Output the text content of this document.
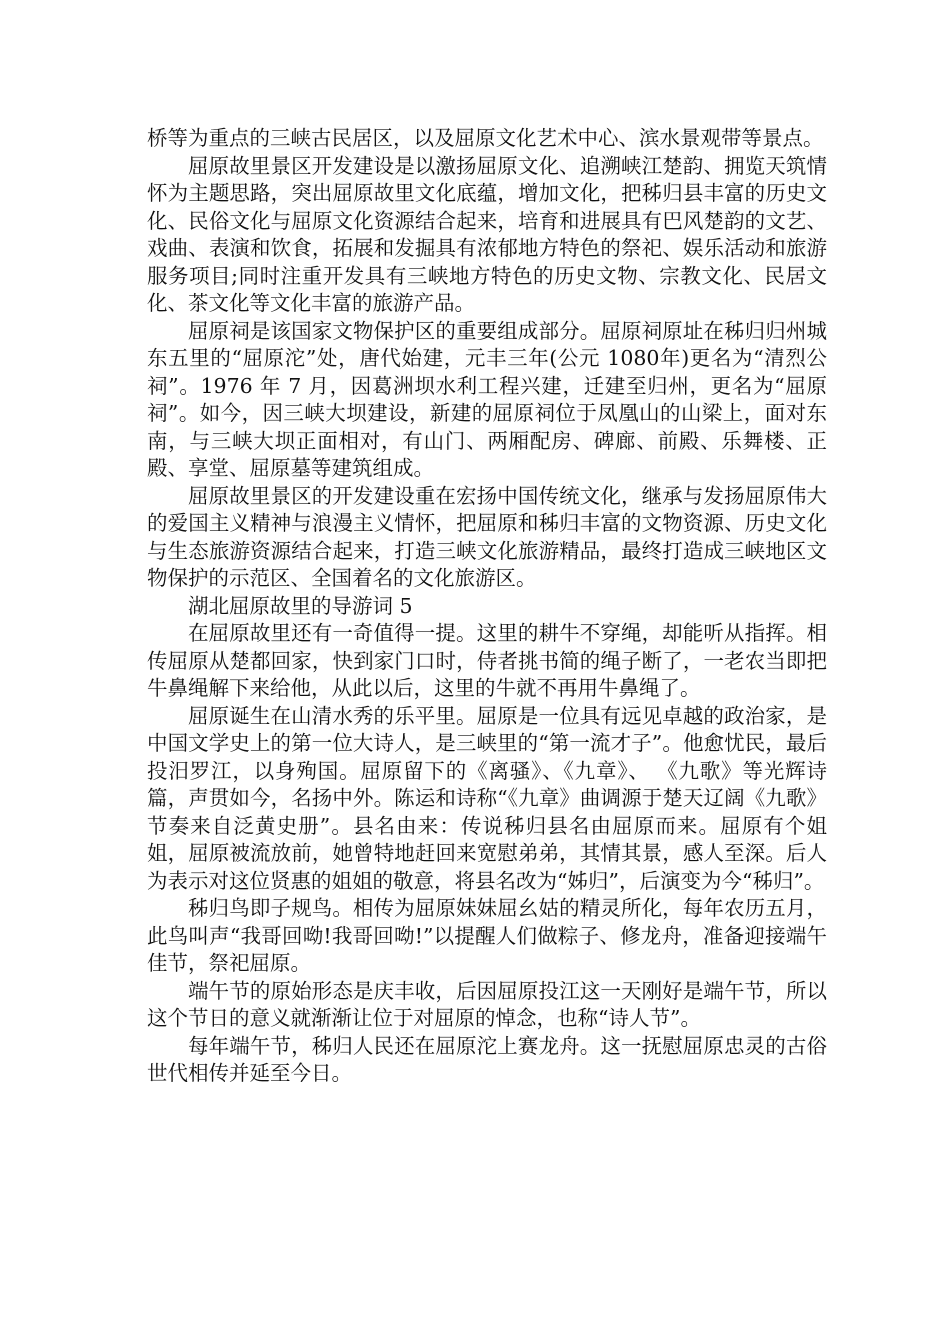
桥等为重点的三峡古民居区，以及屈原文化艺术中心、滨水景观带等景点。

屈原故里景区开发建设是以激扬屈原文化、追溯峡江楚韵、拥览天筑情怀为主题思路，突出屈原故里文化底蕴，增加文化，把秭归县丰富的历史文化、民俗文化与屈原文化资源结合起来，培育和进展具有巴风楚韵的文艺、戏曲、表演和饮食，拓展和发掘具有浓郁地方特色的祭祀、娱乐活动和旅游服务项目;同时注重开发具有三峡地方特色的历史文物、宗教文化、民居文化、茶文化等文化丰富的旅游产品。

屈原祠是该国家文物保护区的重要组成部分。屈原祠原址在秭归归州城东五里的“屈原沱”处，唐代始建，元丰三年(公元 1080年)更名为“清烈公祠”。1976 年 7 月，因葛洲坝水利工程兴建，迁建至归州，更名为“屈原祠”。如今，因三峡大坝建设，新建的屈原祠位于凤凰山的山梁上，面对东南，与三峡大坝正面相对，有山门、两厢配房、碑廊、前殿、乐舞楼、正殿、享堂、屈原墓等建筑组成。

屈原故里景区的开发建设重在宏扬中国传统文化，继承与发扬屈原伟大的爱国主义精神与浪漫主义情怀，把屈原和秭归丰富的文物资源、历史文化与生态旅游资源结合起来，打造三峡文化旅游精品，最终打造成三峡地区文物保护的示范区、全国着名的文化旅游区。

湖北屈原故里的导游词 5

在屈原故里还有一奇值得一提。这里的耕牛不穿绳，却能听从指挥。相传屈原从楚都回家，快到家门口时，侍者挑书简的绳子断了，一老农当即把牛鼻绳解下来给他，从此以后，这里的牛就不再用牛鼻绳了。

屈原诞生在山清水秀的乐平里。屈原是一位具有远见卓越的政治家，是中国文学史上的第一位大诗人，是三峡里的“第一流才子”。他愈忧民，最后投汨罗江，以身殉国。屈原留下的《离骚》、《九章》、 《九歌》等光辉诗篇，声贯如今，名扬中外。陈运和诗称“《九章》曲调源于楚天辽阔《九歌》节奏来自泛黄史册”。县名由来：传说秭归县名由屈原而来。屈原有个姐姐，屈原被流放前，她曾特地赶回来宽慰弟弟，其情其景，感人至深。后人为表示对这位贤惠的姐姐的敬意，将县名改为“姊归”，后演变为今“秭归”。

秭归鸟即子规鸟。相传为屈原妹妹屈幺姑的精灵所化，每年农历五月，此鸟叫声“我哥回呦!我哥回呦!”以提醒人们做粽子、修龙舟，准备迎接端午佳节，祭祀屈原。

端午节的原始形态是庆丰收，后因屈原投江这一天刚好是端午节，所以这个节日的意义就渐渐让位于对屈原的悼念，也称“诗人节”。

每年端午节，秭归人民还在屈原沱上赛龙舟。这一抚慰屈原忠灵的古俗世代相传并延至今日。
